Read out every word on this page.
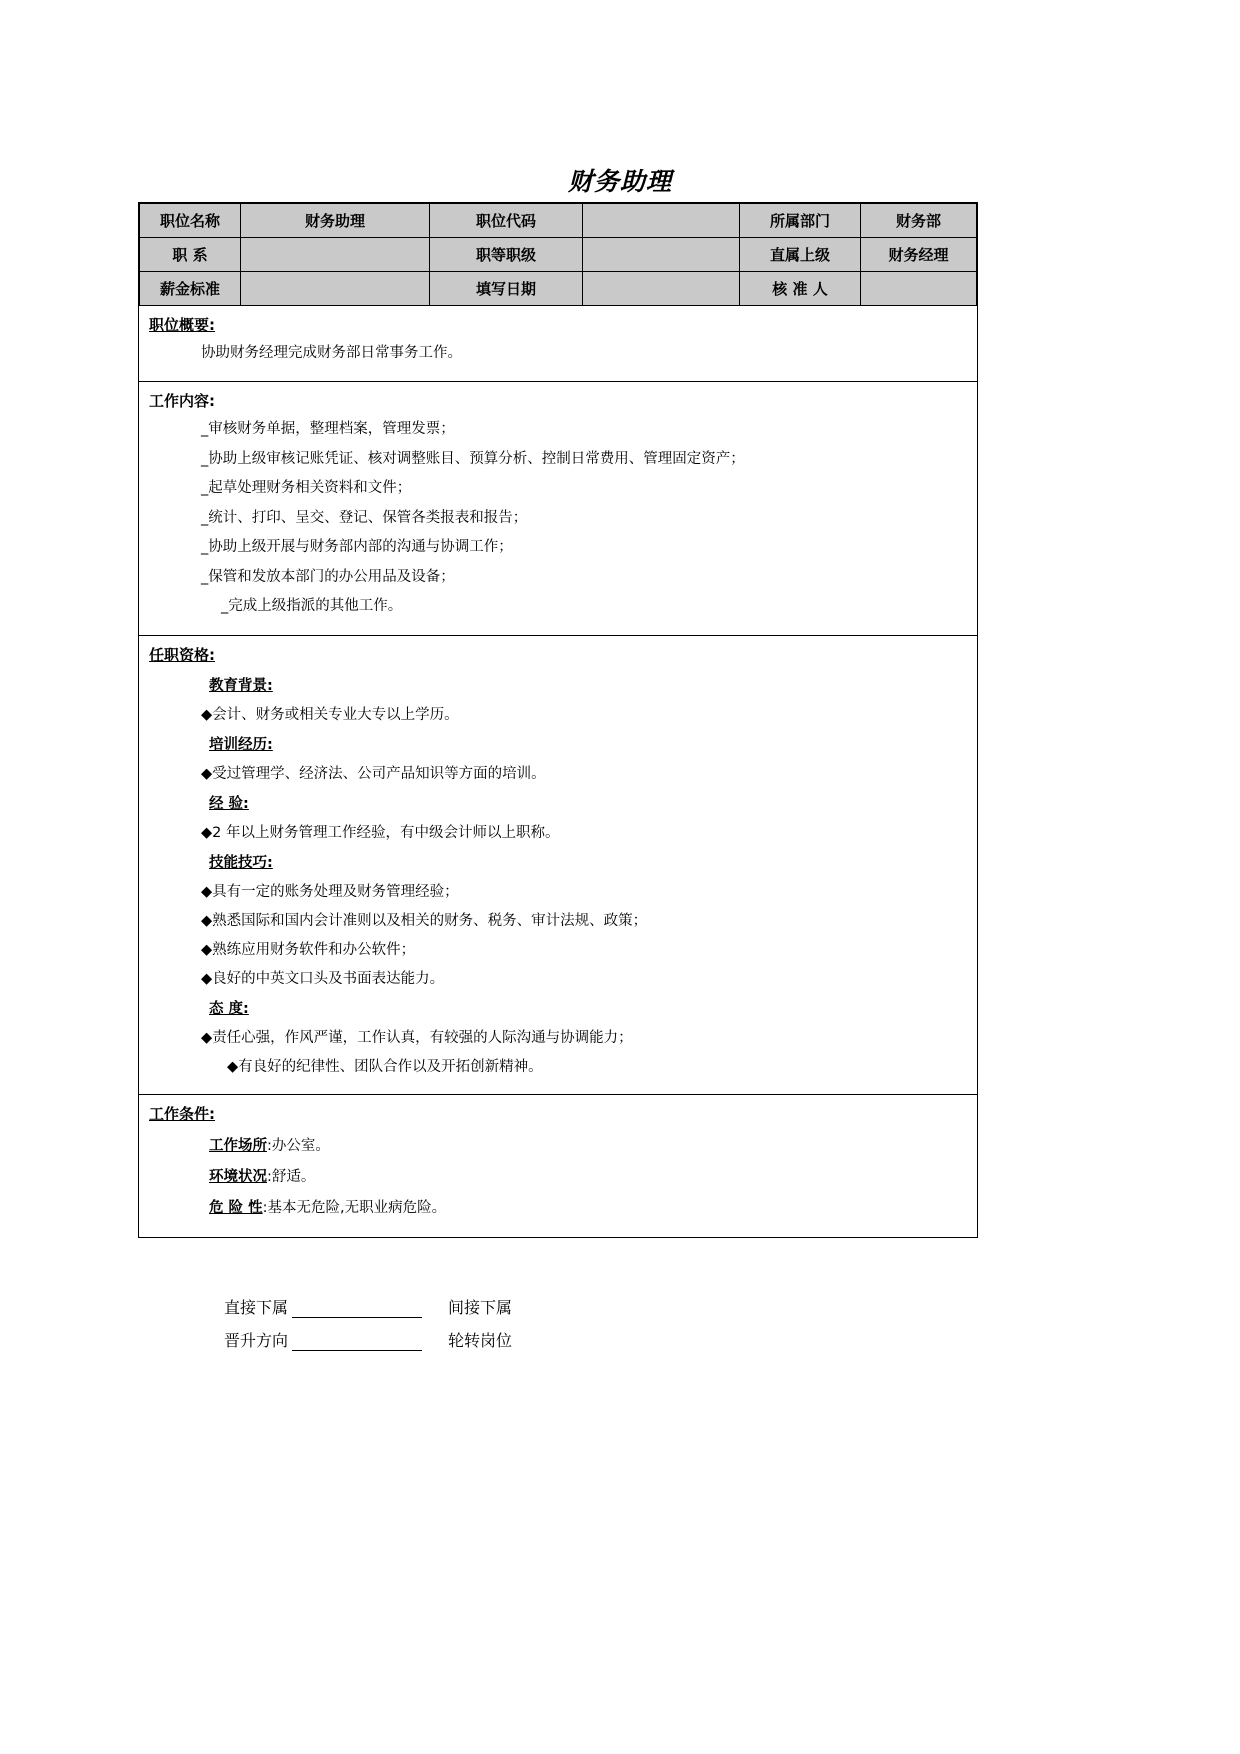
财务助理
职位名称	财务助理	职位代码		所属部门	财务部
职 系		职等职级		直属上级	财务经理
薪金标准		填写日期		核 准 人	
职位概要:
协助财务经理完成财务部日常事务工作。
工作内容:
_审核财务单据，整理档案，管理发票；
_协助上级审核记账凭证、核对调整账目、预算分析、控制日常费用、管理固定资产；
_起草处理财务相关资料和文件；
_统计、打印、呈交、登记、保管各类报表和报告；
_协助上级开展与财务部内部的沟通与协调工作；
_保管和发放本部门的办公用品及设备；
_完成上级指派的其他工作。
任职资格:
教育背景:
◆会计、财务或相关专业大专以上学历。
培训经历:
◆受过管理学、经济法、公司产品知识等方面的培训。
经 验:
◆2 年以上财务管理工作经验，有中级会计师以上职称。
技能技巧:
◆具有一定的账务处理及财务管理经验；
◆熟悉国际和国内会计准则以及相关的财务、税务、审计法规、政策；
◆熟练应用财务软件和办公软件；
◆良好的中英文口头及书面表达能力。
态 度:
◆责任心强，作风严谨，工作认真，有较强的人际沟通与协调能力；
◆有良好的纪律性、团队合作以及开拓创新精神。
工作条件:
工作场所:办公室。
环境状况:舒适。
危 险 性:基本无危险,无职业病危险。
直接下属	间接下属
晋升方向	轮转岗位
